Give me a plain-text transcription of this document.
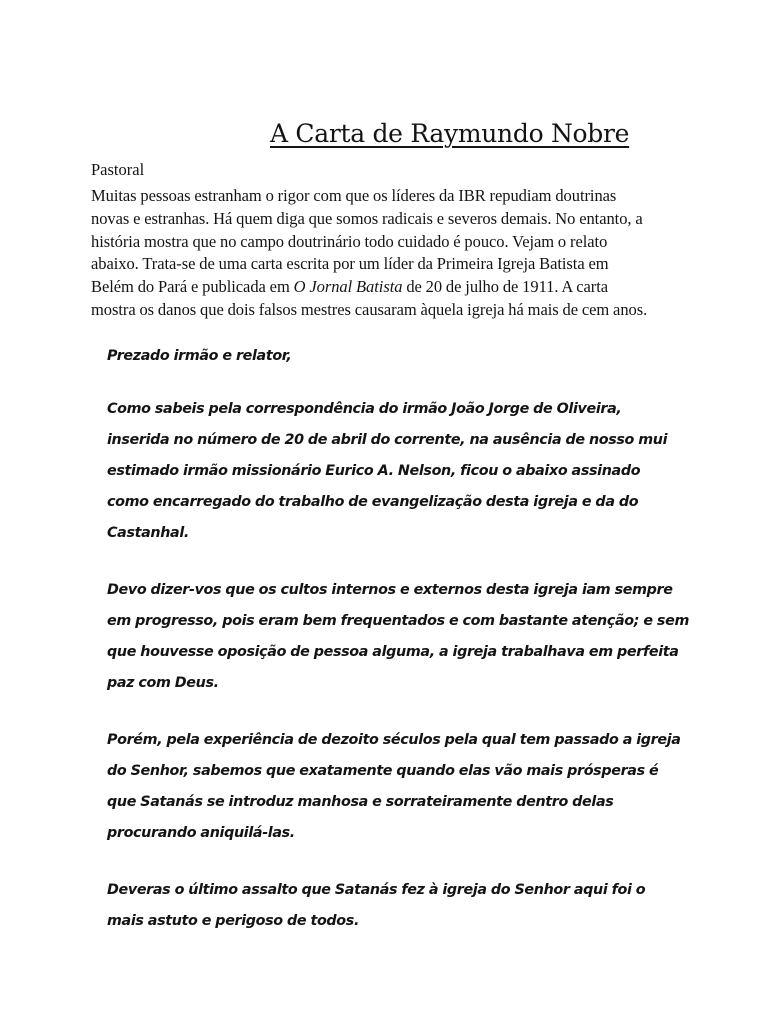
A Carta de Raymundo Nobre
Pastoral

Muitas pessoas estranham o rigor com que os líderes da IBR repudiam doutrinas
novas e estranhas. Há quem diga que somos radicais e severos demais. No entanto, a
história mostra que no campo doutrinário todo cuidado é pouco. Vejam o relato
abaixo. Trata-se de uma carta escrita por um líder da Primeira Igreja Batista em
Belém do Pará e publicada em O Jornal Batista de 20 de julho de 1911. A carta
mostra os danos que dois falsos mestres causaram àquela igreja há mais de cem anos.

Prezado irmão e relator,

Como sabeis pela correspondência do irmão João Jorge de Oliveira,
inserida no número de 20 de abril do corrente, na ausência de nosso mui
estimado irmão missionário Eurico A. Nelson, ficou o abaixo assinado
como encarregado do trabalho de evangelização desta igreja e da do
Castanhal.

Devo dizer-vos que os cultos internos e externos desta igreja iam sempre
em progresso, pois eram bem frequentados e com bastante atenção; e sem
que houvesse oposição de pessoa alguma, a igreja trabalhava em perfeita
paz com Deus.

Porém, pela experiência de dezoito séculos pela qual tem passado a igreja
do Senhor, sabemos que exatamente quando elas vão mais prósperas é
que Satanás se introduz manhosa e sorrateiramente dentro delas
procurando aniquilá-las.

Deveras o último assalto que Satanás fez à igreja do Senhor aqui foi o
mais astuto e perigoso de todos.
